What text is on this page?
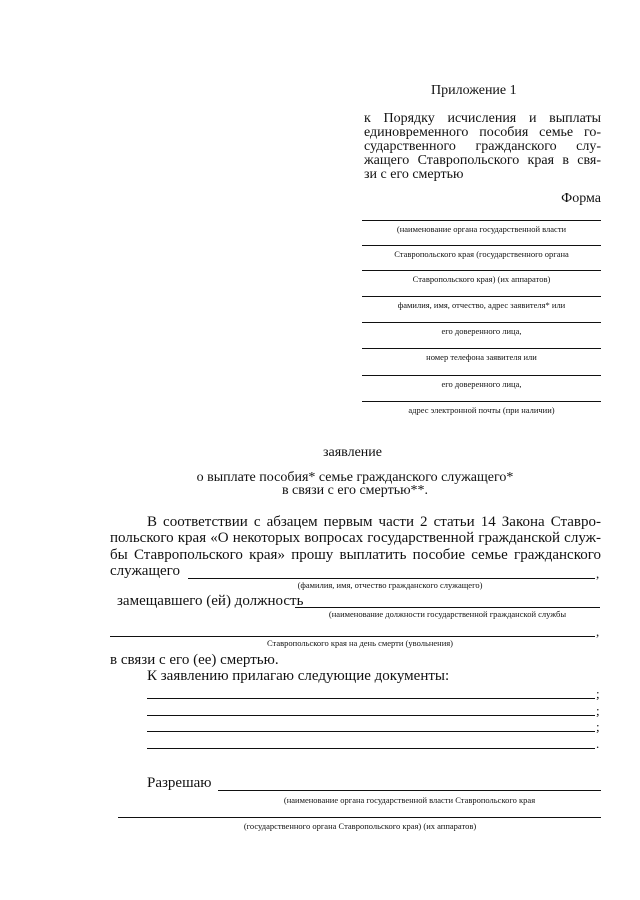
Приложение 1
к Порядку исчисления и выплаты
единовременного пособия семье го-
сударственного гражданского слу-
жащего Ставропольского края в свя-
зи с его смертью
Форма
(наименование органа государственной власти
Ставропольского края (государственного органа
Ставропольского края) (их аппаратов)
фамилия, имя, отчество, адрес заявителя* или
его доверенного лица,
номер телефона заявителя или
его доверенного лица,
адрес электронной почты (при наличии)
заявление
о выплате пособия* семье гражданского служащего*
в связи с его смертью**.
В соответствии с абзацем первым части 2 статьи 14 Закона Ставро-
польского края «О некоторых вопросах государственной гражданской служ-
бы Ставропольского края» прошу выплатить пособие семье гражданского
служащего	,
(фамилия, имя, отчество гражданского служащего)
замещавшего (ей) должность
(наименование должности государственной гражданской службы
,
Ставропольского края на день смерти (увольнения)
в связи с его (ее) смертью.
К заявлению прилагаю следующие документы:
;
;
;
.
Разрешаю
(наименование органа государственной власти Ставропольского края
(государственного органа Ставропольского края) (их аппаратов)
